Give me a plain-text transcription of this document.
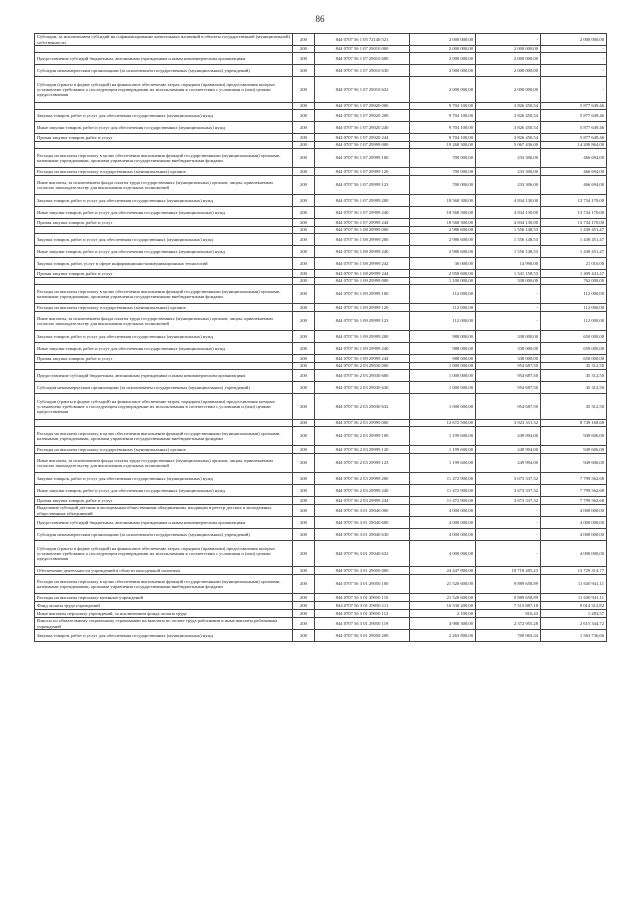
86
Субсидии, за исключением субсидий на софинансирование капитальных вложений в объекты государственной (муниципальной) собственности	200	844 0707 56 1 05 72140 521	2 000 000,00	-	2 000 000,00
	200	844 0707 56 1 07 29010 000	2 000 000,00	2 000 000,00	-
Предоставление субсидий бюджетным, автономным учреждениям и иным некоммерческим организациям	200	844 0707 56 1 07 29010 600	2 000 000,00	2 000 000,00	-
Субсидии некоммерческим организациям (за исключением государственных (муниципальных) учреждений)	200	844 0707 56 1 07 29010 630	2 000 000,00	2 000 000,00	-
Субсидии (гранты в форме субсидий) на финансовое обеспечение затрат, порядком (правилами) предоставления которых установлено требование о последующем подтверждении их использования в соответствии с условиями и (или) целями предоставления	200	844 0707 56 1 07 29010 632	2 000 000,00	2 000 000,00	-
	200	844 0707 56 1 07 29020 000	9 704 100,00	3 826 450,54	5 877 649,46
Закупка товаров, работ и услуг для обеспечения государственных (муниципальных) нужд	200	844 0707 56 1 07 29020 200	9 704 100,00	3 826 450,54	5 877 649,46
Иные закупки товаров, работ и услуг для обеспечения государственных (муниципальных) нужд	200	844 0707 56 1 07 29020 240	9 704 100,00	3 826 450,54	5 877 649,46
Прочая закупка товаров, работ и услуг	200	844 0707 56 1 07 29020 244	9 704 100,00	3 826 450,54	5 877 649,46
	200	844 0707 56 1 07 29999 000	19 268 300,00	5 067 436,00	14 200 864,00
Расходы на выплаты персоналу в целях обеспечения выполнения функций государственными (муниципальными) органами, казенными учреждениями, органами управления государственными внебюджетными фондами	200	844 0707 56 1 07 29999 100	700 000,00	233 306,00	466 694,00
Расходы на выплаты персоналу государственных (муниципальных) органов	200	844 0707 56 1 07 29999 120	700 000,00	233 306,00	466 694,00
Иные выплаты, за исключением фонда оплаты труда государственных (муниципальных) органов, лицам, привлекаемым согласно законодательству для выполнения отдельных полномочий	200	844 0707 56 1 07 29999 123	700 000,00	233 306,00	466 694,00
Закупка товаров, работ и услуг для обеспечения государственных (муниципальных) нужд	200	844 0707 56 1 07 29999 200	18 568 300,00	4 834 130,00	13 734 170,00
Иные закупки товаров, работ и услуг для обеспечения государственных (муниципальных) нужд	200	844 0707 56 1 07 29999 240	18 568 300,00	4 834 130,00	13 734 170,00
Прочая закупка товаров, работ и услуг	200	844 0707 56 1 07 29999 244	18 568 300,00	4 834 130,00	13 734 170,00
	200	844 0707 56 1 08 29999 000	2 986 600,00	1 556 148,53	1 430 451,47
Закупка товаров, работ и услуг для обеспечения государственных (муниципальных) нужд	200	844 0707 56 1 08 29999 200	2 986 600,00	1 556 148,53	1 430 451,47
Иные закупки товаров, работ и услуг для обеспечения государственных (муниципальных) нужд	200	844 0707 56 1 08 29999 240	2 986 600,00	1 556 148,53	1 430 451,47
Закупка товаров, работ, услуг в сфере информационно-коммуникационных технологий	200	844 0707 56 1 08 29999 242	36 000,00	14 990,00	21 010,00
Прочая закупка товаров, работ и услуг	200	844 0707 56 1 08 29999 244	2 950 600,00	1 541 158,53	1 409 441,47
	200	844 0707 56 1 09 29999 000	1 100 000,00	338 000,00	762 000,00
Расходы на выплаты персоналу в целях обеспечения выполнения функций государственными (муниципальными) органами, казенными учреждениями, органами управления государственными внебюджетными фондами	200	844 0707 56 1 09 29999 100	112 000,00	-	112 000,00
Расходы на выплаты персоналу государственных (муниципальных) органов	200	844 0707 56 1 09 29999 120	112 000,00	-	112 000,00
Иные выплаты, за исключением фонда оплаты труда государственных (муниципальных) органов, лицам, привлекаемым согласно законодательству для выполнения отдельных полномочий	200	844 0707 56 1 09 29999 123	112 000,00	-	112 000,00
Закупка товаров, работ и услуг для обеспечения государственных (муниципальных) нужд	200	844 0707 56 1 09 29999 200	988 000,00	338 000,00	650 000,00
Иные закупки товаров, работ и услуг для обеспечения государственных (муниципальных) нужд	200	844 0707 56 1 09 29999 240	988 000,00	338 000,00	650 000,00
Прочая закупка товаров, работ и услуг	200	844 0707 56 1 09 29999 244	988 000,00	338 000,00	650 000,00
	200	844 0707 56 2 03 29030 000	1 000 000,00	954 687,50	45 312,50
Предоставление субсидий бюджетным, автономным учреждениям и иным некоммерческим организациям	200	844 0707 56 2 03 29030 600	1 000 000,00	954 687,50	45 312,50
Субсидии некоммерческим организациям (за исключением государственных (муниципальных) учреждений)	200	844 0707 56 2 03 29030 630	1 000 000,00	954 687,50	45 312,50
Субсидии (гранты в форме субсидий) на финансовое обеспечение затрат, порядком (правилами) предоставления которых установлено требование о последующем подтверждении их использования в соответствии с условиями и (или) целями предоставления	200	844 0707 56 2 03 29030 632	1 000 000,00	954 687,50	45 312,50
	200	844 0707 56 2 03 29999 000	12 672 500,00	3 923 331,32	8 749 168,68
Расходы на выплаты персоналу в целях обеспечения выполнения функций государственными (муниципальными) органами, казенными учреждениями, органами управления государственными внебюджетными фондами	200	844 0707 56 2 03 29999 100	1 199 600,00	249 994,00	949 606,00
Расходы на выплаты персоналу государственных (муниципальных) органов	200	844 0707 56 2 03 29999 120	1 199 600,00	249 994,00	949 606,00
Иные выплаты, за исключением фонда оплаты труда государственных (муниципальных) органов, лицам, привлекаемым согласно законодательству для выполнения отдельных полномочий	200	844 0707 56 2 03 29999 123	1 199 600,00	249 994,00	949 606,00
Закупка товаров, работ и услуг для обеспечения государственных (муниципальных) нужд	200	844 0707 56 2 03 29999 200	11 472 900,00	3 673 337,32	7 799 562,68
Иные закупки товаров, работ и услуг для обеспечения государственных (муниципальных) нужд	200	844 0707 56 2 03 29999 240	11 472 900,00	3 673 337,32	7 799 562,68
Прочая закупка товаров, работ и услуг	200	844 0707 56 2 03 29999 244	11 472 900,00	3 673 337,32	7 799 562,68
Выделение субсидий детским и молодежным общественным объединениям, входящим в реестр детских и молодежных общественных объединений	200	844 0707 56 3 01 29040 000	4 000 000,00	-	4 000 000,00
Предоставление субсидий бюджетным, автономным учреждениям и иным некоммерческим организациям	200	844 0707 56 3 01 29040 600	4 000 000,00	-	4 000 000,00
Субсидии некоммерческим организациям (за исключением государственных (муниципальных) учреждений)	200	844 0707 56 3 01 29040 630	4 000 000,00	-	4 000 000,00
Субсидии (гранты в форме субсидий) на финансовое обеспечение затрат, порядком (правилами) предоставления которых установлено требование о последующем подтверждении их использования в соответствии с условиями и (или) целями предоставления	200	844 0707 56 3 01 29040 632	4 000 000,00	-	4 000 000,00
Обеспечение деятельности учреждений в области молодежной политики	200	844 0707 56 3 01 29050 000	24 447 800,00	10 718 485,23	13 729 314,77
Расходы на выплаты персоналу в целях обеспечения выполнения функций государственными (муниципальными) органами, казенными учреждениями, органами управления государственными внебюджетными фондами	200	844 0707 56 3 01 29050 100	21 520 600,00	9 889 658,89	11 630 941,11
Расходы на выплаты персоналу казенных учреждений	200	844 0707 56 3 01 29050 110	21 520 600,00	9 889 658,89	11 630 941,11
Фонд оплаты труда учреждений	200	844 0707 56 3 01 29050 111	16 530 200,00	7 515 887,18	9 014 312,82
Иные выплаты персоналу учреждений, за исключением фонда оплаты труда	200	844 0707 56 3 01 29050 112	2 100,00	816,43	1 283,57
Взносы по обязательному социальному страхованию на выплаты по оплате труда работников и иные выплаты работникам учреждений	200	844 0707 56 3 01 29050 119	4 988 300,00	2 372 955,28	2 615 344,72
Закупка товаров, работ и услуг для обеспечения государственных (муниципальных) нужд	200	844 0707 56 3 01 29050 200	2 263 800,00	700 063,34	1 563 736,66
